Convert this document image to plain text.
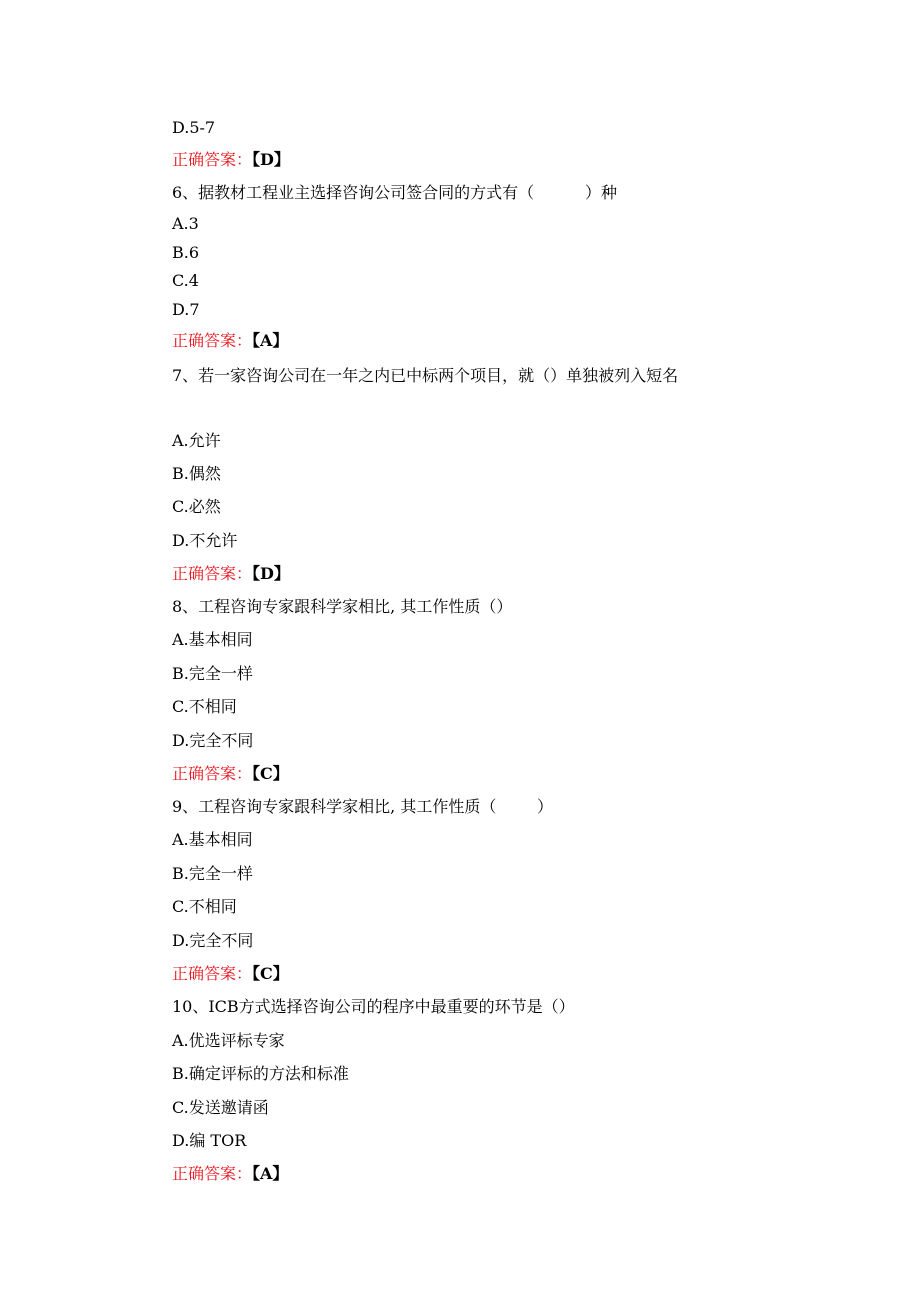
D.5-7
正确答案：【D】
6、据教材工程业主选择咨询公司签合同的方式有（          ）种
A.3
B.6
C.4
D.7
正确答案：【A】
7、若一家咨询公司在一年之内已中标两个项目，就（）单独被列入短名
A.允许
B.偶然
C.必然
D.不允许
正确答案：【D】
8、工程咨询专家跟科学家相比, 其工作性质（）
A.基本相同
B.完全一样
C.不相同
D.完全不同
正确答案：【C】
9、工程咨询专家跟科学家相比, 其工作性质（        ）
A.基本相同
B.完全一样
C.不相同
D.完全不同
正确答案：【C】
10、ICB方式选择咨询公司的程序中最重要的环节是（）
A.优选评标专家
B.确定评标的方法和标准
C.发送邀请函
D.编 TOR
正确答案：【A】
